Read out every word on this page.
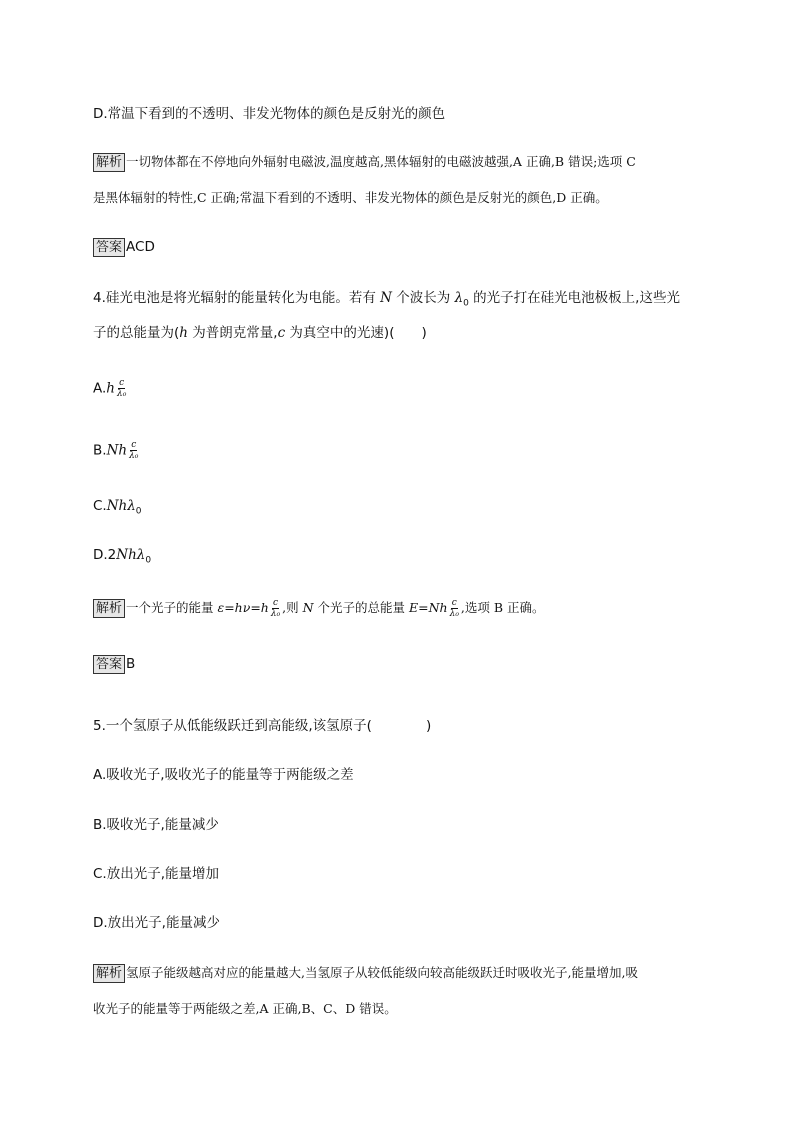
D.常温下看到的不透明、非发光物体的颜色是反射光的颜色
解析 一切物体都在不停地向外辐射电磁波,温度越高,黑体辐射的电磁波越强,A 正确,B 错误;选项 C
是黑体辐射的特性,C 正确;常温下看到的不透明、非发光物体的颜色是反射光的颜色,D 正确。
答案 ACD
4.硅光电池是将光辐射的能量转化为电能。若有 N 个波长为 $\lambda_0$ 的光子打在硅光电池极板上,这些光
子的总能量为(h 为普朗克常量,c 为真空中的光速)(　　)
$A.h \frac{c}{\text{λ₀}}$
$B.Nh \frac{c}{\text{λ₀}}$
C.Nhλ$_0$
D.2Nhλ$_0$
解析 一个光子的能量 $\varepsilon=h\nu=h \frac{c}{\text{λ₀}}$ ,则 N 个光子的总能量 $E=Nh \frac{c}{\text{λ₀}}$ ,选项 B 正确。
答案 B
5.一个氢原子从低能级跃迁到高能级,该氢原子(　　　　)
A.吸收光子,吸收光子的能量等于两能级之差
B.吸收光子,能量减少
C.放出光子,能量增加
D.放出光子,能量减少
解析 氢原子能级越高对应的能量越大,当氢原子从较低能级向较高能级跃迁时吸收光子,能量增加,吸
收光子的能量等于两能级之差,A 正确,B、C、D 错误。
